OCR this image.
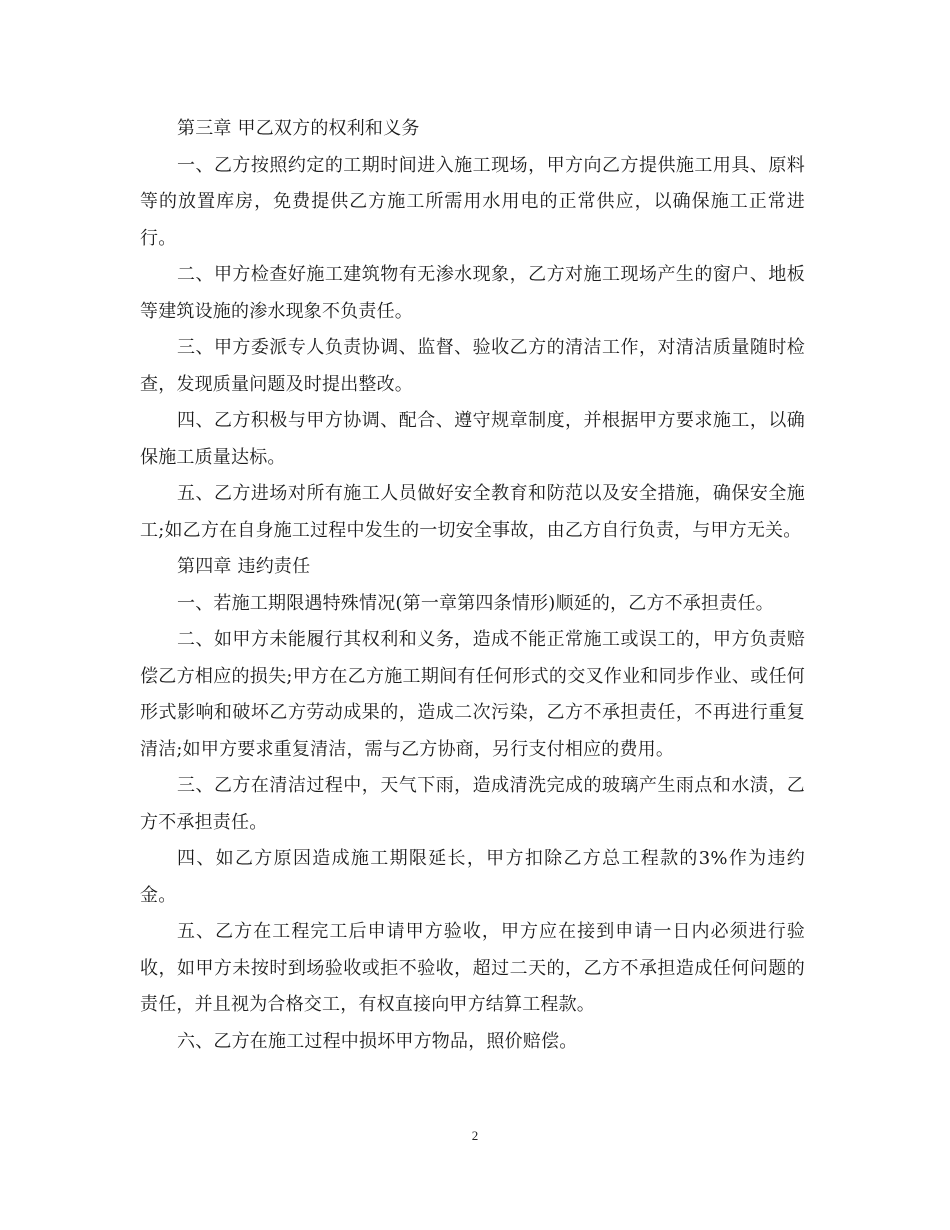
第三章 甲乙双方的权利和义务

一、乙方按照约定的工期时间进入施工现场，甲方向乙方提供施工用具、原料等的放置库房，免费提供乙方施工所需用水用电的正常供应，以确保施工正常进行。

二、甲方检查好施工建筑物有无渗水现象，乙方对施工现场产生的窗户、地板等建筑设施的渗水现象不负责任。

三、甲方委派专人负责协调、监督、验收乙方的清洁工作，对清洁质量随时检查，发现质量问题及时提出整改。

四、乙方积极与甲方协调、配合、遵守规章制度，并根据甲方要求施工，以确保施工质量达标。

五、乙方进场对所有施工人员做好安全教育和防范以及安全措施，确保安全施工;如乙方在自身施工过程中发生的一切安全事故，由乙方自行负责，与甲方无关。

第四章 违约责任

一、若施工期限遇特殊情况(第一章第四条情形)顺延的，乙方不承担责任。

二、如甲方未能履行其权利和义务，造成不能正常施工或误工的，甲方负责赔偿乙方相应的损失;甲方在乙方施工期间有任何形式的交叉作业和同步作业、或任何形式影响和破坏乙方劳动成果的，造成二次污染，乙方不承担责任，不再进行重复清洁;如甲方要求重复清洁，需与乙方协商，另行支付相应的费用。

三、乙方在清洁过程中，天气下雨，造成清洗完成的玻璃产生雨点和水渍，乙方不承担责任。

四、如乙方原因造成施工期限延长，甲方扣除乙方总工程款的3%作为违约金。

五、乙方在工程完工后申请甲方验收，甲方应在接到申请一日内必须进行验收，如甲方未按时到场验收或拒不验收，超过二天的，乙方不承担造成任何问题的责任，并且视为合格交工，有权直接向甲方结算工程款。

六、乙方在施工过程中损坏甲方物品，照价赔偿。

2
